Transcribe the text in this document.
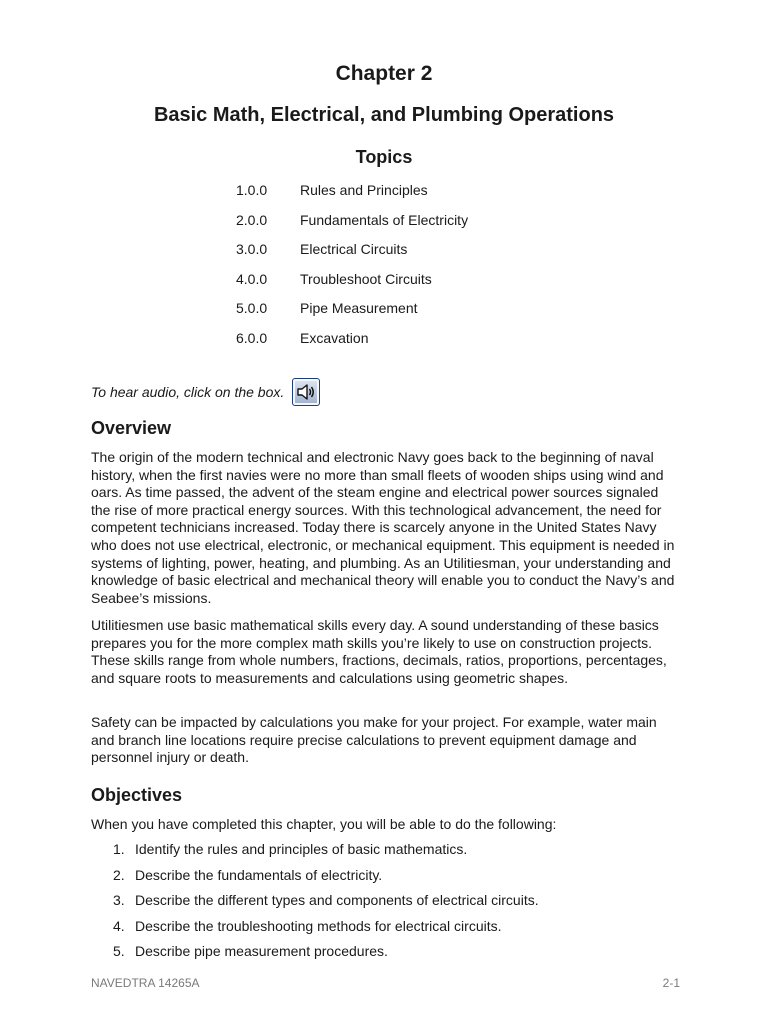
Chapter 2
Basic Math, Electrical, and Plumbing Operations
Topics
1.0.0	Rules and Principles
2.0.0	Fundamentals of Electricity
3.0.0	Electrical Circuits
4.0.0	Troubleshoot Circuits
5.0.0	Pipe Measurement
6.0.0	Excavation
To hear audio, click on the box.
Overview

The origin of the modern technical and electronic Navy goes back to the beginning of naval history, when the first navies were no more than small fleets of wooden ships using wind and oars. As time passed, the advent of the steam engine and electrical power sources signaled the rise of more practical energy sources. With this technological advancement, the need for competent technicians increased. Today there is scarcely anyone in the United States Navy who does not use electrical, electronic, or mechanical equipment. This equipment is needed in systems of lighting, power, heating, and plumbing. As an Utilitiesman, your understanding and knowledge of basic electrical and mechanical theory will enable you to conduct the Navy’s and Seabee’s missions.

Utilitiesmen use basic mathematical skills every day. A sound understanding of these basics prepares you for the more complex math skills you’re likely to use on construction projects. These skills range from whole numbers, fractions, decimals, ratios, proportions, percentages, and square roots to measurements and calculations using geometric shapes.

Safety can be impacted by calculations you make for your project. For example, water main and branch line locations require precise calculations to prevent equipment damage and personnel injury or death.

Objectives

When you have completed this chapter, you will be able to do the following:

1. Identify the rules and principles of basic mathematics.
2. Describe the fundamentals of electricity.
3. Describe the different types and components of electrical circuits.
4. Describe the troubleshooting methods for electrical circuits.
5. Describe pipe measurement procedures.
NAVEDTRA 14265A	2-1
